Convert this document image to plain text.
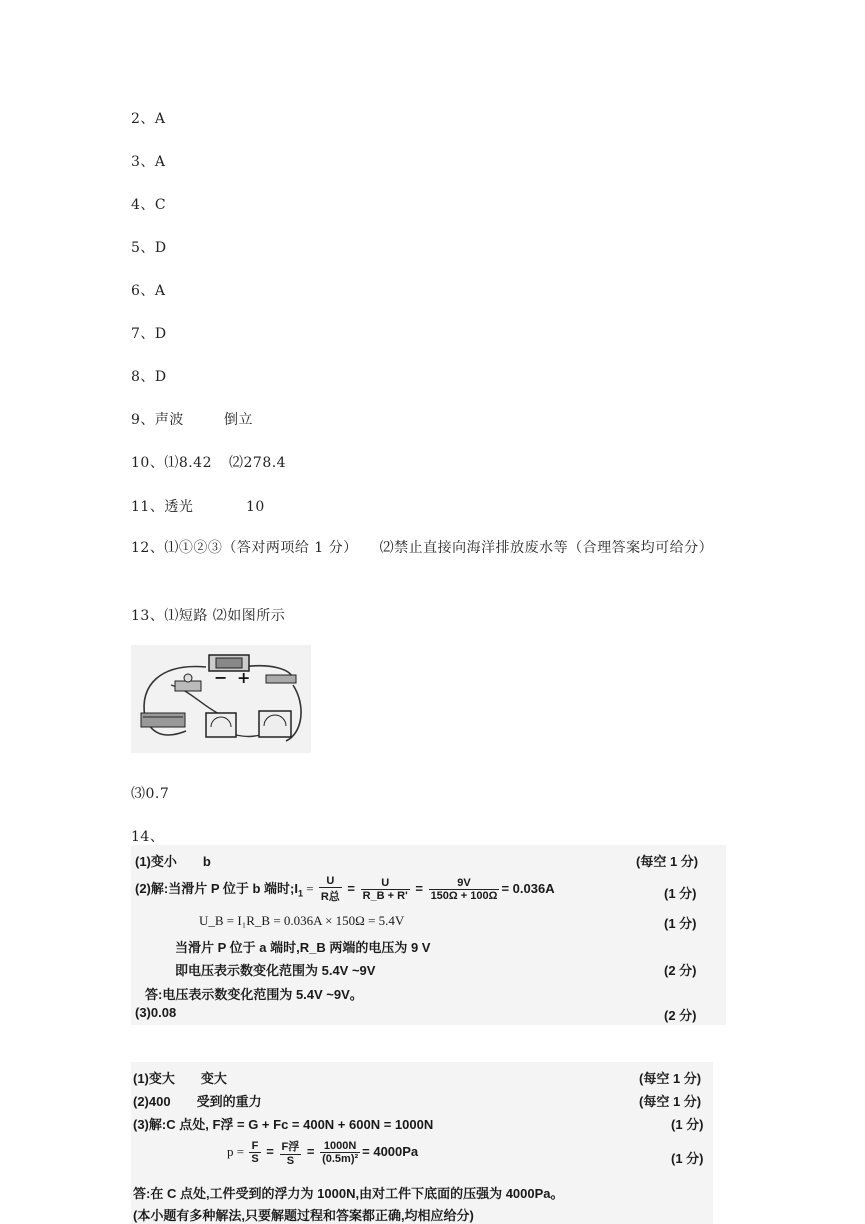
2、A
3、A
4、C
5、D
6、A
7、D
8、D
9、声波	倒立
10、⑴8.42 ⑵278.4
11、透光	10
12、⑴①②③（答对两项给 1 分）　　⑵禁止直接向海洋排放废水等（合理答案均可给分）
13、⑴短路 ⑵如图所示
− +
⑶0.7
14、
(1)变小　　b	(每空 1 分)
(2)解:当滑片 P 位于 b 端时$;I_1 = \frac{U}{\text{R总}} = \frac{U}{R\_B + R'} = \frac{9V}{150\Omega + 100\Omega} = 0.036A$	(1 分)
U_B = I₁R_B = 0.036A × 150Ω = 5.4V	(1 分)
当滑片 P 位于 a 端时,R_B 两端的电压为 9 V
即电压表示数变化范围为 5.4V ~9V	(2 分)
答:电压表示数变化范围为 5.4V ~9V。
(3)0.08	(2 分)
(1)变大　　变大	(每空 1 分)
(2)400　　受到的重力	(每空 1 分)
(3)解:C 点处, F浮 = G + Fc = 400N + 600N = 1000N	(1 分)
$p = \frac{F}{S} = \frac{\text{F浮}}{S} = \frac{1000N}{\text{(0.5m)²}} = 4000Pa$	(1 分)
答:在 C 点处,工件受到的浮力为 1000N,由对工件下底面的压强为 4000Pa。
(本小题有多种解法,只要解题过程和答案都正确,均相应给分)
